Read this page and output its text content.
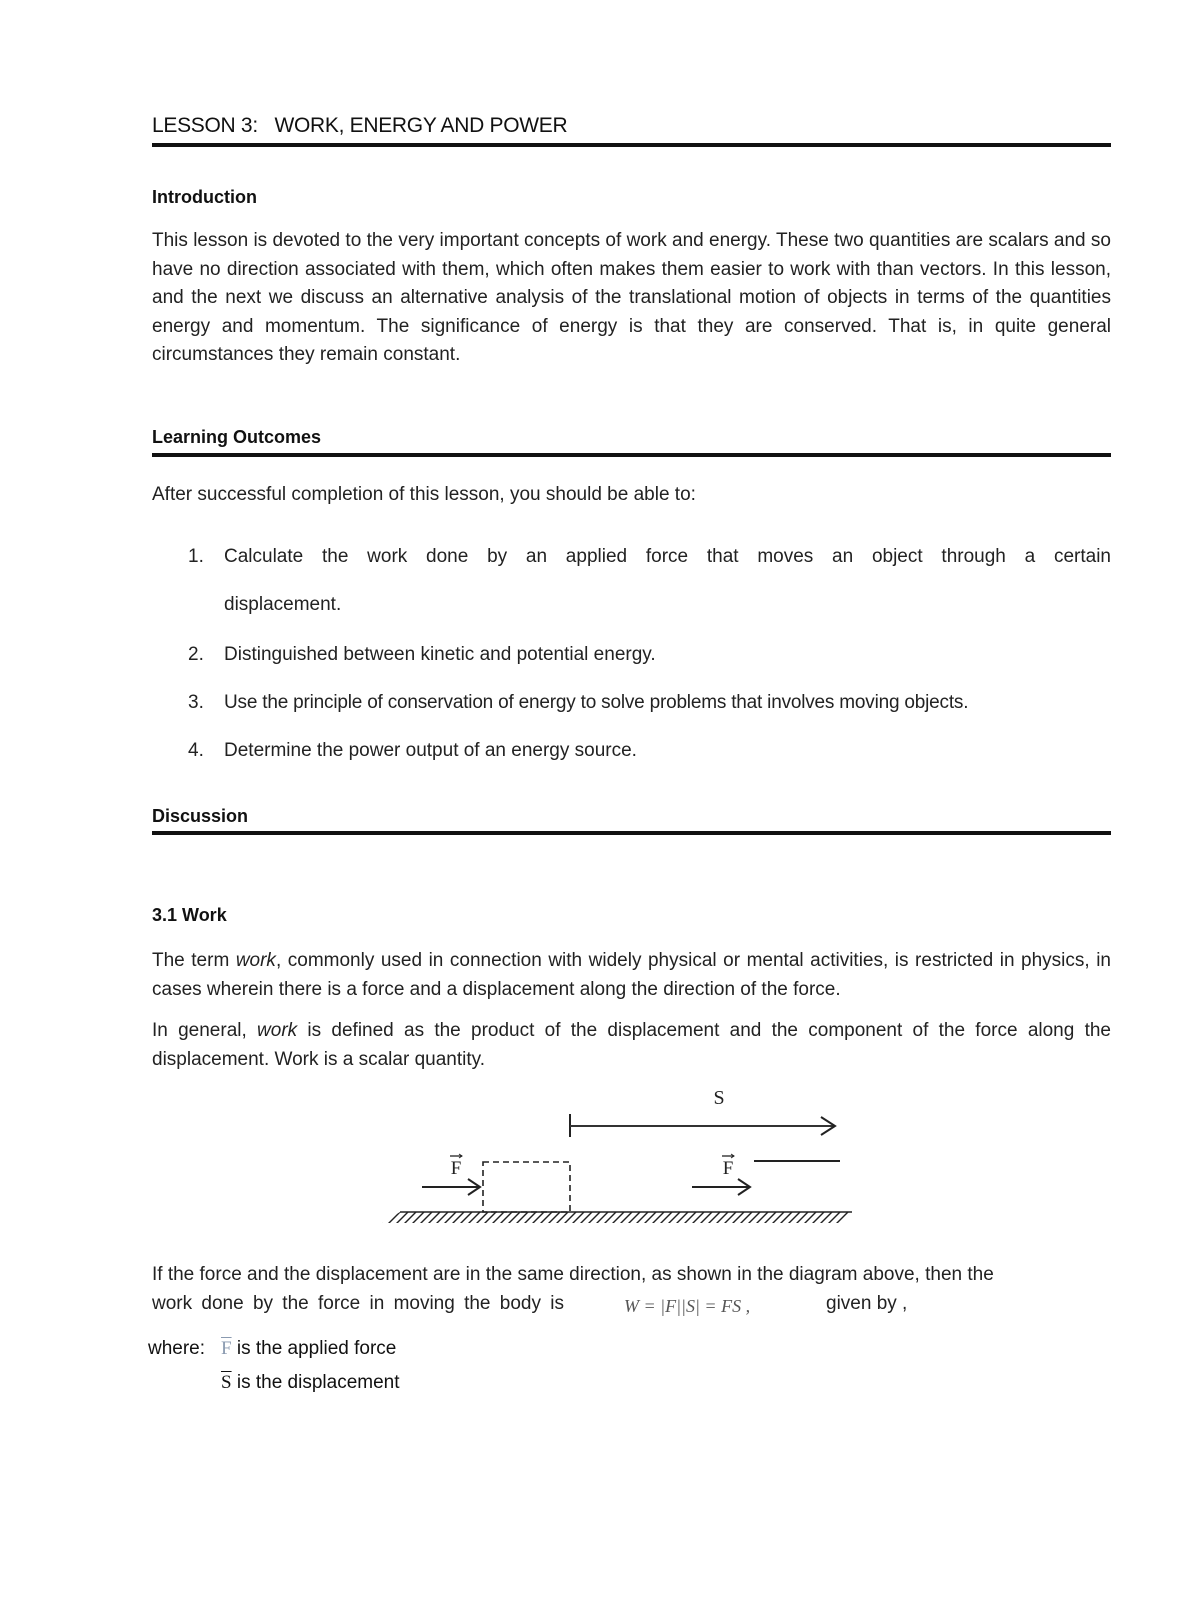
LESSON 3:   WORK, ENERGY AND POWER
Introduction
This lesson is devoted to the very important concepts of work and energy. These two quantities are scalars and so have no direction associated with them, which often makes them easier to work with than vectors. In this lesson, and the next we discuss an alternative analysis of the translational motion of objects in terms of the quantities energy and momentum. The significance of energy is that they are conserved. That is, in quite general circumstances they remain constant.
Learning Outcomes
After successful completion of this lesson, you should be able to:
1. Calculate the work done by an applied force that moves an object through a certain
displacement.
2. Distinguished between kinetic and potential energy.
3. Use the principle of conservation of energy to solve problems that involves moving objects.
4. Determine the power output of an energy source.
Discussion
3.1 Work
The term work, commonly used in connection with widely physical or mental activities, is restricted in physics, in cases wherein there is a force and a displacement along the direction of the force.
In general, work is defined as the product of the displacement and the component of the force along the displacement. Work is a scalar quantity.
S
F	F
If the force and the displacement are in the same direction, as shown in the diagram above, then the
work done by the force in moving the body is	W = |F||S| = FS ,	given by ,
where: $\overline{F}$ is the applied force
$\overline{S}$ is the displacement
